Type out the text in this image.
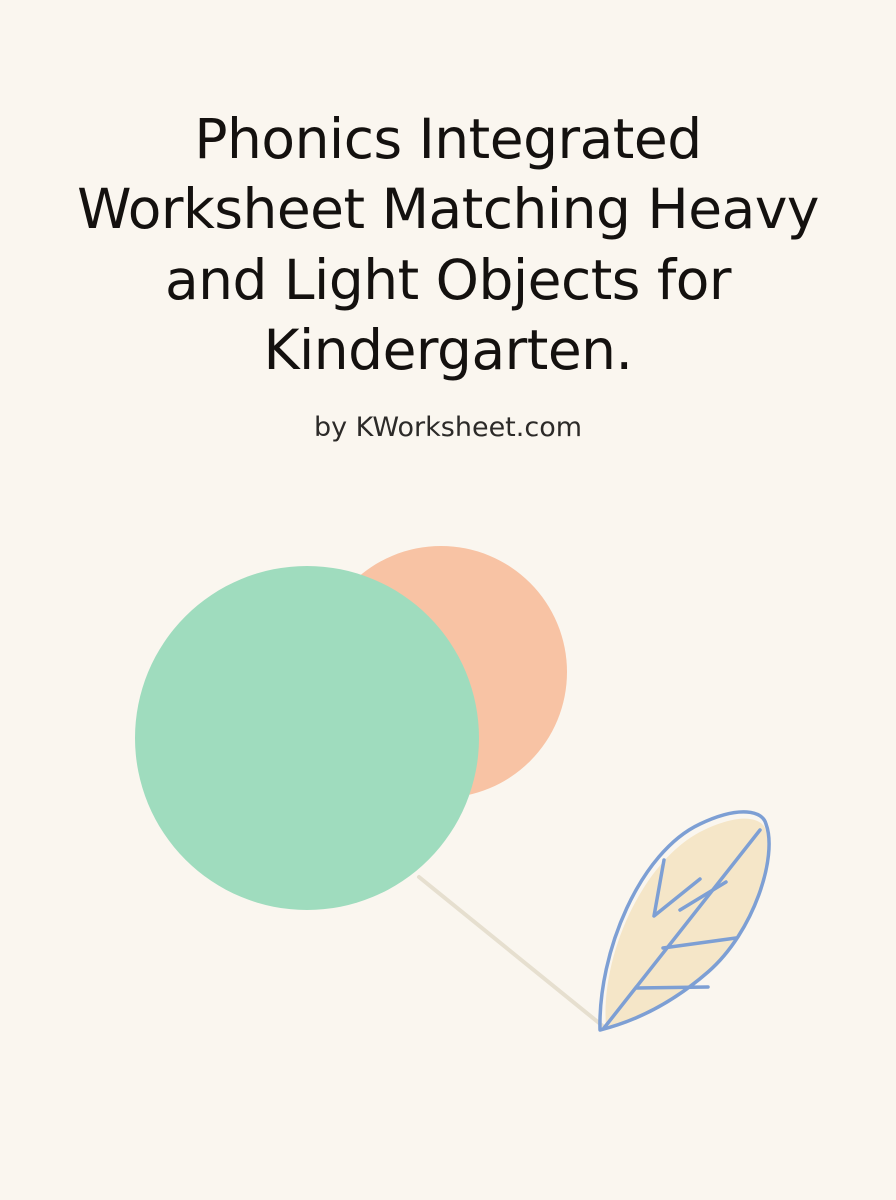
Phonics Integrated Worksheet Matching Heavy and Light Objects for Kindergarten.

by KWorksheet.com
